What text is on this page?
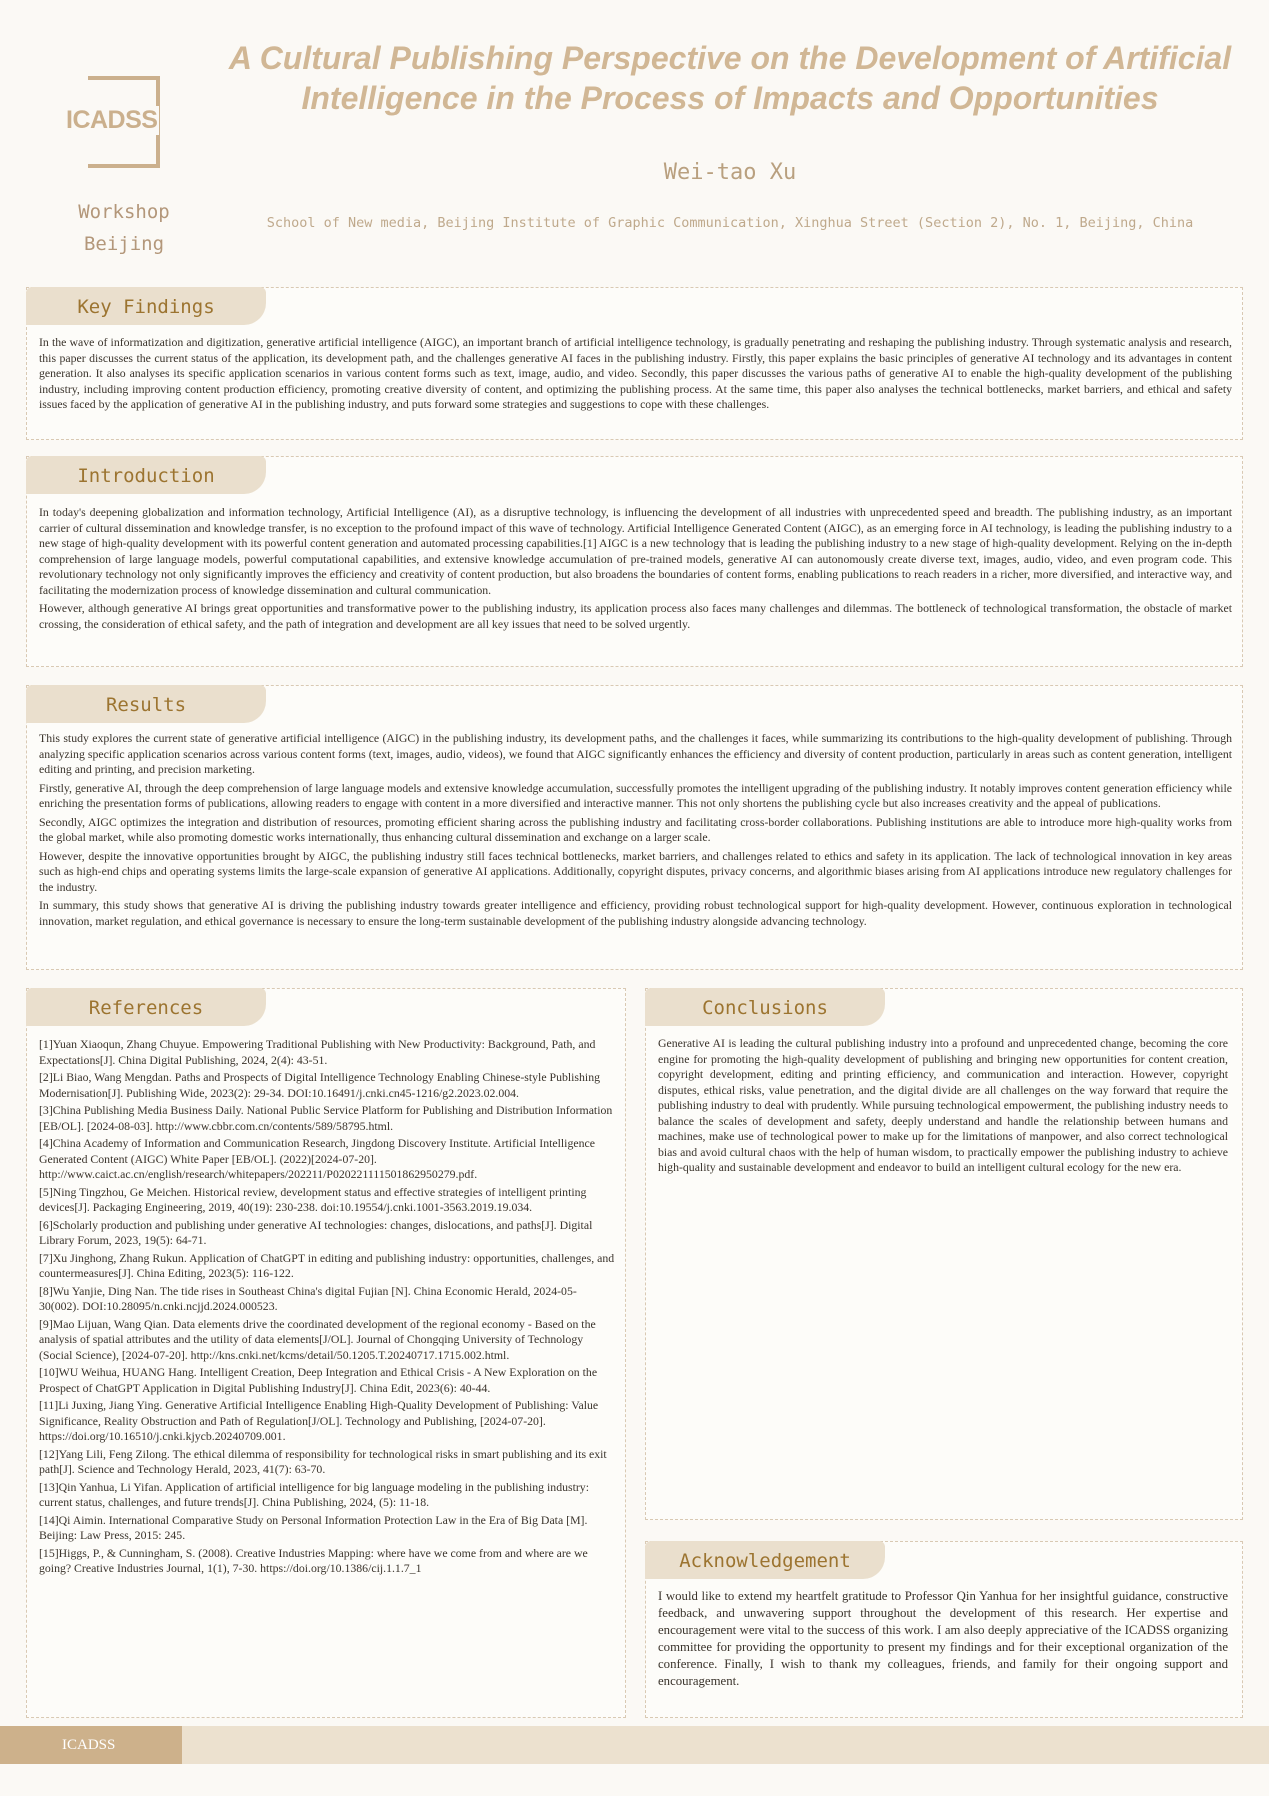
ICADSS
Workshop
Beijing
A Cultural Publishing Perspective on the Development of Artificial
Intelligence in the Process of Impacts and Opportunities
Wei-tao Xu
School of New media, Beijing Institute of Graphic Communication, Xinghua Street (Section 2), No. 1, Beijing, China
Key Findings

In the wave of informatization and digitization, generative artificial intelligence (AIGC), an important branch of artificial intelligence technology, is gradually penetrating and reshaping the publishing industry. Through systematic analysis and research, this paper discusses the current status of the application, its development path, and the challenges generative AI faces in the publishing industry. Firstly, this paper explains the basic principles of generative AI technology and its advantages in content generation. It also analyses its specific application scenarios in various content forms such as text, image, audio, and video. Secondly, this paper discusses the various paths of generative AI to enable the high-quality development of the publishing industry, including improving content production efficiency, promoting creative diversity of content, and optimizing the publishing process. At the same time, this paper also analyses the technical bottlenecks, market barriers, and ethical and safety issues faced by the application of generative AI in the publishing industry, and puts forward some strategies and suggestions to cope with these challenges.

Introduction

In today's deepening globalization and information technology, Artificial Intelligence (AI), as a disruptive technology, is influencing the development of all industries with unprecedented speed and breadth. The publishing industry, as an important carrier of cultural dissemination and knowledge transfer, is no exception to the profound impact of this wave of technology. Artificial Intelligence Generated Content (AIGC), as an emerging force in AI technology, is leading the publishing industry to a new stage of high-quality development with its powerful content generation and automated processing capabilities.[1] AIGC is a new technology that is leading the publishing industry to a new stage of high-quality development. Relying on the in-depth comprehension of large language models, powerful computational capabilities, and extensive knowledge accumulation of pre-trained models, generative AI can autonomously create diverse text, images, audio, video, and even program code. This revolutionary technology not only significantly improves the efficiency and creativity of content production, but also broadens the boundaries of content forms, enabling publications to reach readers in a richer, more diversified, and interactive way, and facilitating the modernization process of knowledge dissemination and cultural communication.

However, although generative AI brings great opportunities and transformative power to the publishing industry, its application process also faces many challenges and dilemmas. The bottleneck of technological transformation, the obstacle of market crossing, the consideration of ethical safety, and the path of integration and development are all key issues that need to be solved urgently.

Results

This study explores the current state of generative artificial intelligence (AIGC) in the publishing industry, its development paths, and the challenges it faces, while summarizing its contributions to the high-quality development of publishing. Through analyzing specific application scenarios across various content forms (text, images, audio, videos), we found that AIGC significantly enhances the efficiency and diversity of content production, particularly in areas such as content generation, intelligent editing and printing, and precision marketing.

Firstly, generative AI, through the deep comprehension of large language models and extensive knowledge accumulation, successfully promotes the intelligent upgrading of the publishing industry. It notably improves content generation efficiency while enriching the presentation forms of publications, allowing readers to engage with content in a more diversified and interactive manner. This not only shortens the publishing cycle but also increases creativity and the appeal of publications.

Secondly, AIGC optimizes the integration and distribution of resources, promoting efficient sharing across the publishing industry and facilitating cross-border collaborations. Publishing institutions are able to introduce more high-quality works from the global market, while also promoting domestic works internationally, thus enhancing cultural dissemination and exchange on a larger scale.

However, despite the innovative opportunities brought by AIGC, the publishing industry still faces technical bottlenecks, market barriers, and challenges related to ethics and safety in its application. The lack of technological innovation in key areas such as high-end chips and operating systems limits the large-scale expansion of generative AI applications. Additionally, copyright disputes, privacy concerns, and algorithmic biases arising from AI applications introduce new regulatory challenges for the industry.

In summary, this study shows that generative AI is driving the publishing industry towards greater intelligence and efficiency, providing robust technological support for high-quality development. However, continuous exploration in technological innovation, market regulation, and ethical governance is necessary to ensure the long-term sustainable development of the publishing industry alongside advancing technology.

References

[1]Yuan Xiaoqun, Zhang Chuyue. Empowering Traditional Publishing with New Productivity: Background, Path, and Expectations[J]. China Digital Publishing, 2024, 2(4): 43-51.

[2]Li Biao, Wang Mengdan. Paths and Prospects of Digital Intelligence Technology Enabling Chinese-style Publishing Modernisation[J]. Publishing Wide, 2023(2): 29-34. DOI:10.16491/j.cnki.cn45-1216/g2.2023.02.004.

[3]China Publishing Media Business Daily. National Public Service Platform for Publishing and Distribution Information [EB/OL]. [2024-08-03]. http://www.cbbr.com.cn/contents/589/58795.html.

[4]China Academy of Information and Communication Research, Jingdong Discovery Institute. Artificial Intelligence Generated Content (AIGC) White Paper [EB/OL]. (2022)[2024-07-20]. http://www.caict.ac.cn/english/research/whitepapers/202211/P020221111501862950279.pdf.

[5]Ning Tingzhou, Ge Meichen. Historical review, development status and effective strategies of intelligent printing devices[J]. Packaging Engineering, 2019, 40(19): 230-238. doi:10.19554/j.cnki.1001-3563.2019.19.034.

[6]Scholarly production and publishing under generative AI technologies: changes, dislocations, and paths[J]. Digital Library Forum, 2023, 19(5): 64-71.

[7]Xu Jinghong, Zhang Rukun. Application of ChatGPT in editing and publishing industry: opportunities, challenges, and countermeasures[J]. China Editing, 2023(5): 116-122.

[8]Wu Yanjie, Ding Nan. The tide rises in Southeast China's digital Fujian [N]. China Economic Herald, 2024-05-30(002). DOI:10.28095/n.cnki.ncjjd.2024.000523.

[9]Mao Lijuan, Wang Qian. Data elements drive the coordinated development of the regional economy - Based on the analysis of spatial attributes and the utility of data elements[J/OL]. Journal of Chongqing University of Technology (Social Science), [2024-07-20]. http://kns.cnki.net/kcms/detail/50.1205.T.20240717.1715.002.html.

[10]WU Weihua, HUANG Hang. Intelligent Creation, Deep Integration and Ethical Crisis - A New Exploration on the Prospect of ChatGPT Application in Digital Publishing Industry[J]. China Edit, 2023(6): 40-44.

[11]Li Juxing, Jiang Ying. Generative Artificial Intelligence Enabling High-Quality Development of Publishing: Value Significance, Reality Obstruction and Path of Regulation[J/OL]. Technology and Publishing, [2024-07-20]. https://doi.org/10.16510/j.cnki.kjycb.20240709.001.

[12]Yang Lili, Feng Zilong. The ethical dilemma of responsibility for technological risks in smart publishing and its exit path[J]. Science and Technology Herald, 2023, 41(7): 63-70.

[13]Qin Yanhua, Li Yifan. Application of artificial intelligence for big language modeling in the publishing industry: current status, challenges, and future trends[J]. China Publishing, 2024, (5): 11-18.

[14]Qi Aimin. International Comparative Study on Personal Information Protection Law in the Era of Big Data [M]. Beijing: Law Press, 2015: 245.

[15]Higgs, P., & Cunningham, S. (2008). Creative Industries Mapping: where have we come from and where are we going? Creative Industries Journal, 1(1), 7-30. https://doi.org/10.1386/cij.1.1.7_1

Conclusions

Generative AI is leading the cultural publishing industry into a profound and unprecedented change, becoming the core engine for promoting the high-quality development of publishing and bringing new opportunities for content creation, copyright development, editing and printing efficiency, and communication and interaction. However, copyright disputes, ethical risks, value penetration, and the digital divide are all challenges on the way forward that require the publishing industry to deal with prudently. While pursuing technological empowerment, the publishing industry needs to balance the scales of development and safety, deeply understand and handle the relationship between humans and machines, make use of technological power to make up for the limitations of manpower, and also correct technological bias and avoid cultural chaos with the help of human wisdom, to practically empower the publishing industry to achieve high-quality and sustainable development and endeavor to build an intelligent cultural ecology for the new era.

Acknowledgement

I would like to extend my heartfelt gratitude to Professor Qin Yanhua for her insightful guidance, constructive feedback, and unwavering support throughout the development of this research. Her expertise and encouragement were vital to the success of this work. I am also deeply appreciative of the ICADSS organizing committee for providing the opportunity to present my findings and for their exceptional organization of the conference. Finally, I wish to thank my colleagues, friends, and family for their ongoing support and encouragement.

ICADSS
